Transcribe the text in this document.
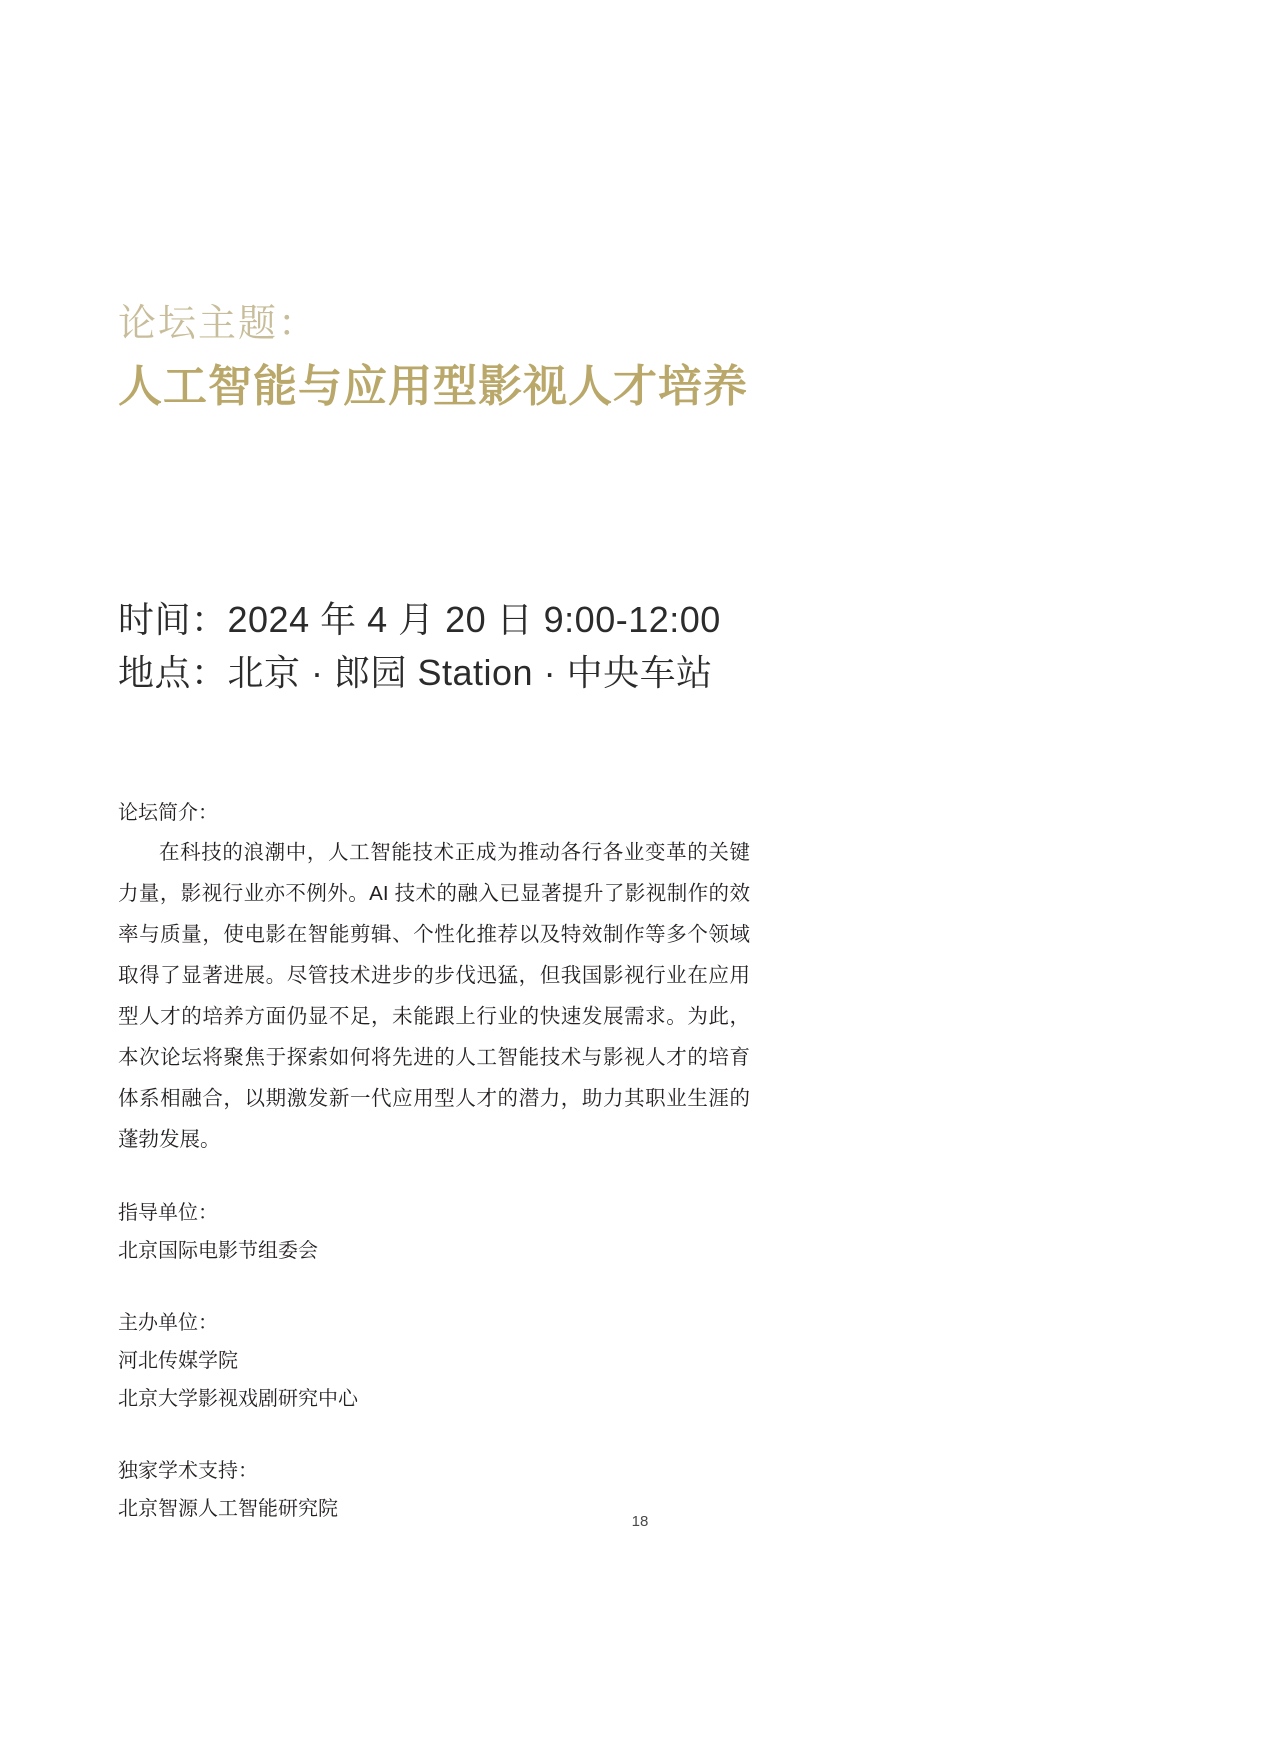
论坛主题：

人工智能与应用型影视人才培养
时间：2024 年 4 月 20 日 9:00-12:00
地点：北京 · 郎园 Station · 中央车站

论坛简介：

在科技的浪潮中，人工智能技术正成为推动各行各业变革的关键力量，影视行业亦不例外。AI 技术的融入已显著提升了影视制作的效率与质量，使电影在智能剪辑、个性化推荐以及特效制作等多个领域取得了显著进展。尽管技术进步的步伐迅猛，但我国影视行业在应用型人才的培养方面仍显不足，未能跟上行业的快速发展需求。为此，本次论坛将聚焦于探索如何将先进的人工智能技术与影视人才的培育体系相融合，以期激发新一代应用型人才的潜力，助力其职业生涯的蓬勃发展。

指导单位：

北京国际电影节组委会

主办单位：

河北传媒学院

北京大学影视戏剧研究中心

独家学术支持：

北京智源人工智能研究院

18
